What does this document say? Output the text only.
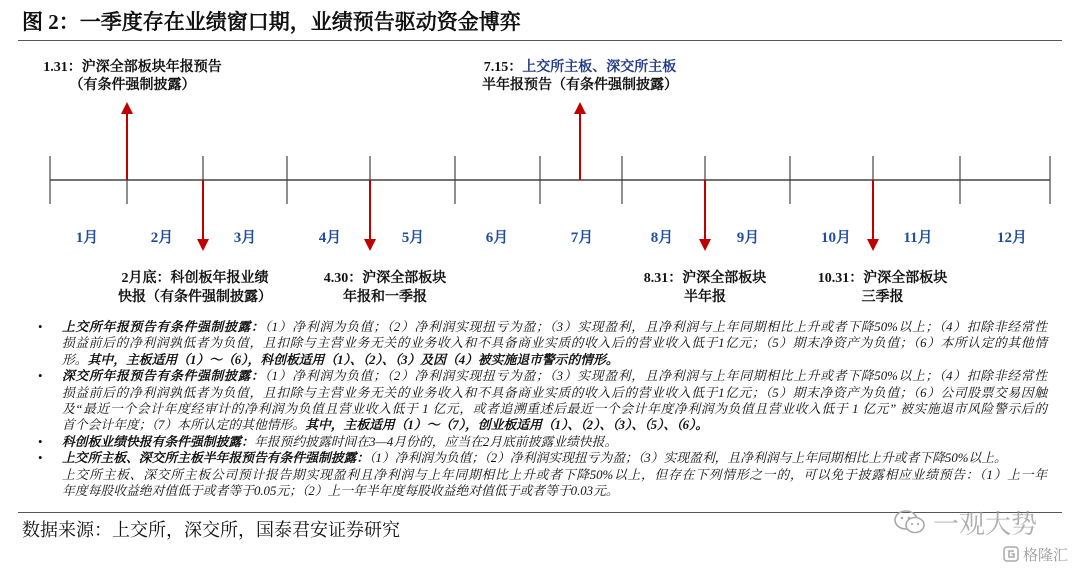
图 2：一季度存在业绩窗口期，业绩预告驱动资金博弈
1.31：沪深全部板块年报预告
（有条件强制披露）
7.15：上交所主板、深交所主板
半年报预告（有条件强制披露）
1月	2月	3月	4月	5月	6月	7月	8月	9月	10月	11月	12月
2月底：科创板年报业绩
快报（有条件强制披露）
4.30：沪深全部板块
年报和一季报
8.31：沪深全部板块
半年报
10.31：沪深全部板块
三季报
• 上交所年报预告有条件强制披露：（1）净利润为负值；（2）净利润实现扭亏为盈；（3）实现盈利，且净利润与上年同期相比上升或者下降50%以上；（4）扣除非经常性
损益前后的净利润孰低者为负值，且扣除与主营业务无关的业务收入和不具备商业实质的收入后的营业收入低于1亿元；（5）期末净资产为负值；（6）本所认定的其他情
形。其中，主板适用（1）～（6），科创板适用（1）、（2）、（3）及因（4）被实施退市警示的情形。
• 深交所年报预告有条件强制披露：（1）净利润为负值；（2）净利润实现扭亏为盈；（3）实现盈利，且净利润与上年同期相比上升或者下降50%以上；（4）扣除非经常性
损益前后的净利润孰低者为负值，且扣除与主营业务无关的业务收入和不具备商业实质的收入后的营业收入低于1亿元；（5）期末净资产为负值；（6）公司股票交易因触
及“最近一个会计年度经审计的净利润为负值且营业收入低于 1 亿元，或者追溯重述后最近一个会计年度净利润为负值且营业收入低于 1 亿元” 被实施退市风险警示后的
首个会计年度；（7）本所认定的其他情形。其中，主板适用（1）～（7），创业板适用（1）、（2）、（3）、（5）、（6）。
• 科创板业绩快报有条件强制披露：年报预约披露时间在3—4月份的，应当在2月底前披露业绩快报。
• 上交所主板、深交所主板半年报预告有条件强制披露：（1）净利润为负值；（2）净利润实现扭亏为盈；（3）实现盈利，且净利润与上年同期相比上升或者下降50%以上。
上交所主板、深交所主板公司预计报告期实现盈利且净利润与上年同期相比上升或者下降50%以上，但存在下列情形之一的，可以免于披露相应业绩预告：（1）上一年
年度每股收益绝对值低于或者等于0.05元；（2）上一年半年度每股收益绝对值低于或者等于0.03元。
数据来源：上交所，深交所，国泰君安证券研究	一观大势
格隆汇
